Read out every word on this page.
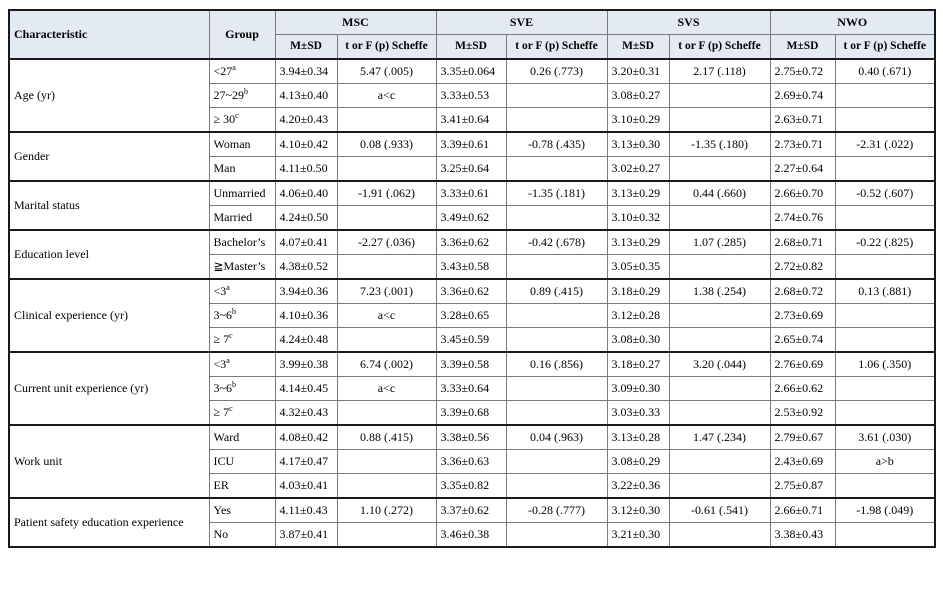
Characteristic	Group	MSC		SVE		SVS		NWO	
		M±SD	t or F (p) Scheffe	M±SD	t or F (p) Scheffe	M±SD	t or F (p) Scheffe	M±SD	t or F (p) Scheffe
Age (yr)	$<27^a$	3.94±0.34	5.47 (.005)	3.35±0.064	0.26 (.773)	3.20±0.31	2.17 (.118)	2.75±0.72	0.40 (.671)
	27~29$^b$	4.13±0.40	a<c	3.33±0.53		3.08±0.27		2.69±0.74	
	≥ $30^c$	4.20±0.43		3.41±0.64		3.10±0.29		2.63±0.71	
Gender	Woman	4.10±0.42	0.08 (.933)	3.39±0.61	-0.78 (.435)	3.13±0.30	-1.35 (.180)	2.73±0.71	-2.31 (.022)
	Man	4.11±0.50		3.25±0.64		3.02±0.27		2.27±0.64	
Marital status	Unmarried	4.06±0.40	-1.91 (.062)	3.33±0.61	-1.35 (.181)	3.13±0.29	0.44 (.660)	2.66±0.70	-0.52 (.607)
	Married	4.24±0.50		3.49±0.62		3.10±0.32		2.74±0.76	
Education level	Bachelor’s	4.07±0.41	-2.27 (.036)	3.36±0.62	-0.42 (.678)	3.13±0.29	1.07 (.285)	2.68±0.71	-0.22 (.825)
	≧Master’s	4.38±0.52		3.43±0.58		3.05±0.35		2.72±0.82	
Clinical experience (yr)	$<3^a$	3.94±0.36	7.23 (.001)	3.36±0.62	0.89 (.415)	3.18±0.29	1.38 (.254)	2.68±0.72	0.13 (.881)
	3~6$^b$	4.10±0.36	a<c	3.28±0.65		3.12±0.28		2.73±0.69	
	≥ $7^c$	4.24±0.48		3.45±0.59		3.08±0.30		2.65±0.74	
Current unit experience (yr)	$<3^a$	3.99±0.38	6.74 (.002)	3.39±0.58	0.16 (.856)	3.18±0.27	3.20 (.044)	2.76±0.69	1.06 (.350)
	3~6$^b$	4.14±0.45	a<c	3.33±0.64		3.09±0.30		2.66±0.62	
	≥ $7^c$	4.32±0.43		3.39±0.68		3.03±0.33		2.53±0.92	
Work unit	Ward	4.08±0.42	0.88 (.415)	3.38±0.56	0.04 (.963)	3.13±0.28	1.47 (.234)	2.79±0.67	3.61 (.030)
	ICU	4.17±0.47		3.36±0.63		3.08±0.29		2.43±0.69	a>b
	ER	4.03±0.41		3.35±0.82		3.22±0.36		2.75±0.87	
Patient safety education experience	Yes	4.11±0.43	1.10 (.272)	3.37±0.62	-0.28 (.777)	3.12±0.30	-0.61 (.541)	2.66±0.71	-1.98 (.049)
	No	3.87±0.41		3.46±0.38		3.21±0.30		3.38±0.43	
